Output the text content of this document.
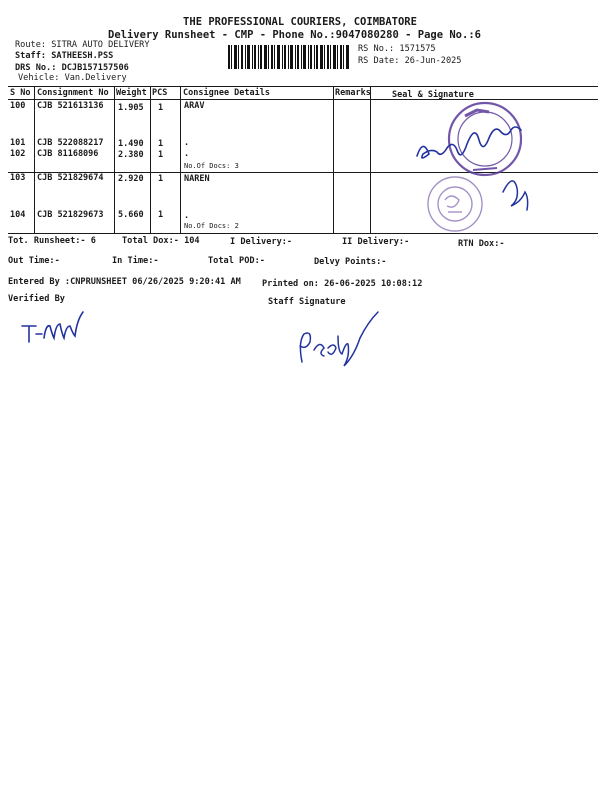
THE PROFESSIONAL COURIERS, COIMBATORE
Delivery Runsheet - CMP - Phone No.:9047080280 - Page No.:6
Route: SITRA AUTO DELIVERY
Staff: SATHEESH.PSS
DRS No.: DCJB157157506
Vehicle: Van.Delivery
RS No.: 1571575
RS Date: 26-Jun-2025
S No Consignment No Weight PCS Consignee Details	Remarks Seal & Signature
100 CJB 521613136 1.905 1 ARAV
101 CJB 522088217 1.490 1 .
102 CJB 81168096 2.380 1 .
No.Of Docs: 3
103 CJB 521829674 2.920 1 NAREN
104 CJB 521829673 5.660 1 .
No.Of Docs: 2
Tot. Runsheet:- 6	Total Dox:- 104	I Delivery:-	II Delivery:-	RTN Dox:-
Out Time:-	In Time:-	Total POD:-	Delvy Points:-
Entered By :CNPRUNSHEET 06/26/2025 9:20:41 AM Printed on: 26-06-2025 10:08:12
Verified By	Staff Signature
